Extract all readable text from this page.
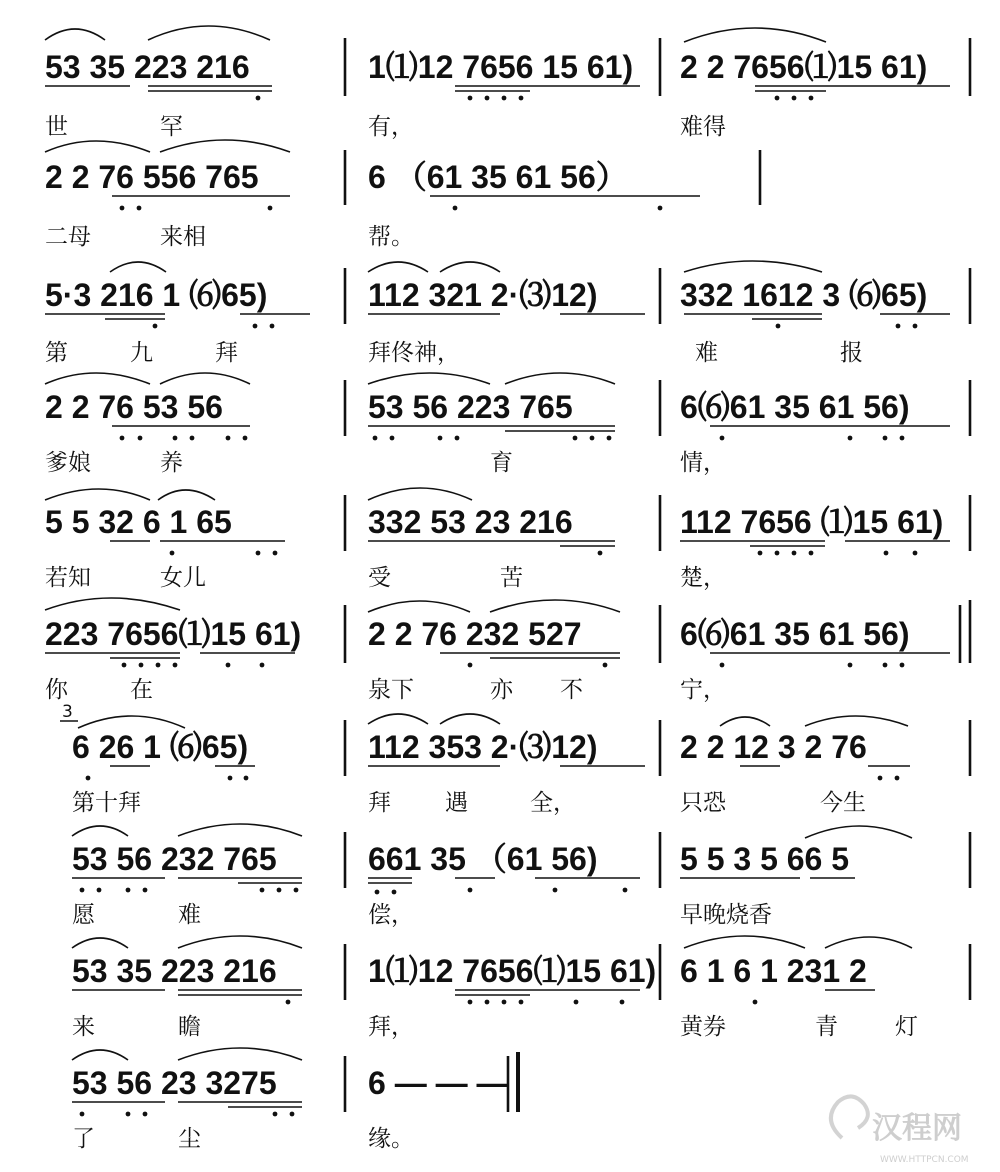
53 35 223 216	1⑴12 7656 15 61) 2 2 7656⑴15 61)
世	罕	有，	难得
2 2 76 556 765	6 （61 35 61 56）
二母	来相	帮。
5·3 216 1 ⑹65)	112 321 2·⑶12)	332 1612 3 ⑹65)
第	九	拜	拜佟神，	难	报
2 2 76 53 56	53 56 223 765	6⑹61 35 61 56)
爹娘	养	育	情，
5 5 32 6 1 65	332 53 23 216	112 7656 ⑴15 61)
若知	女儿	受	苦	楚，
223 7656⑴15 61) 2 2 76 232 527	6⑹61 35 61 56)
你	在	泉下	亦 不	宁，
3
6 26 1 ⑹65)	112 353 2·⑶12)	2 2 12 3 2 76
第十拜	拜 遇	全，	只恐	今生
53 56 232 765	661 35 （61 56)	5 5 3 5 66 5
愿	难	偿，	早晚烧香
53 35 223 216	1⑴12 7656⑴15 61) 6 1 6 1 231 2
来	瞻	拜，	黄券	青 灯
53 56 23 3275	6 — — —
了	尘	缘。	汉程网
WWW.HTTPCN.COM
